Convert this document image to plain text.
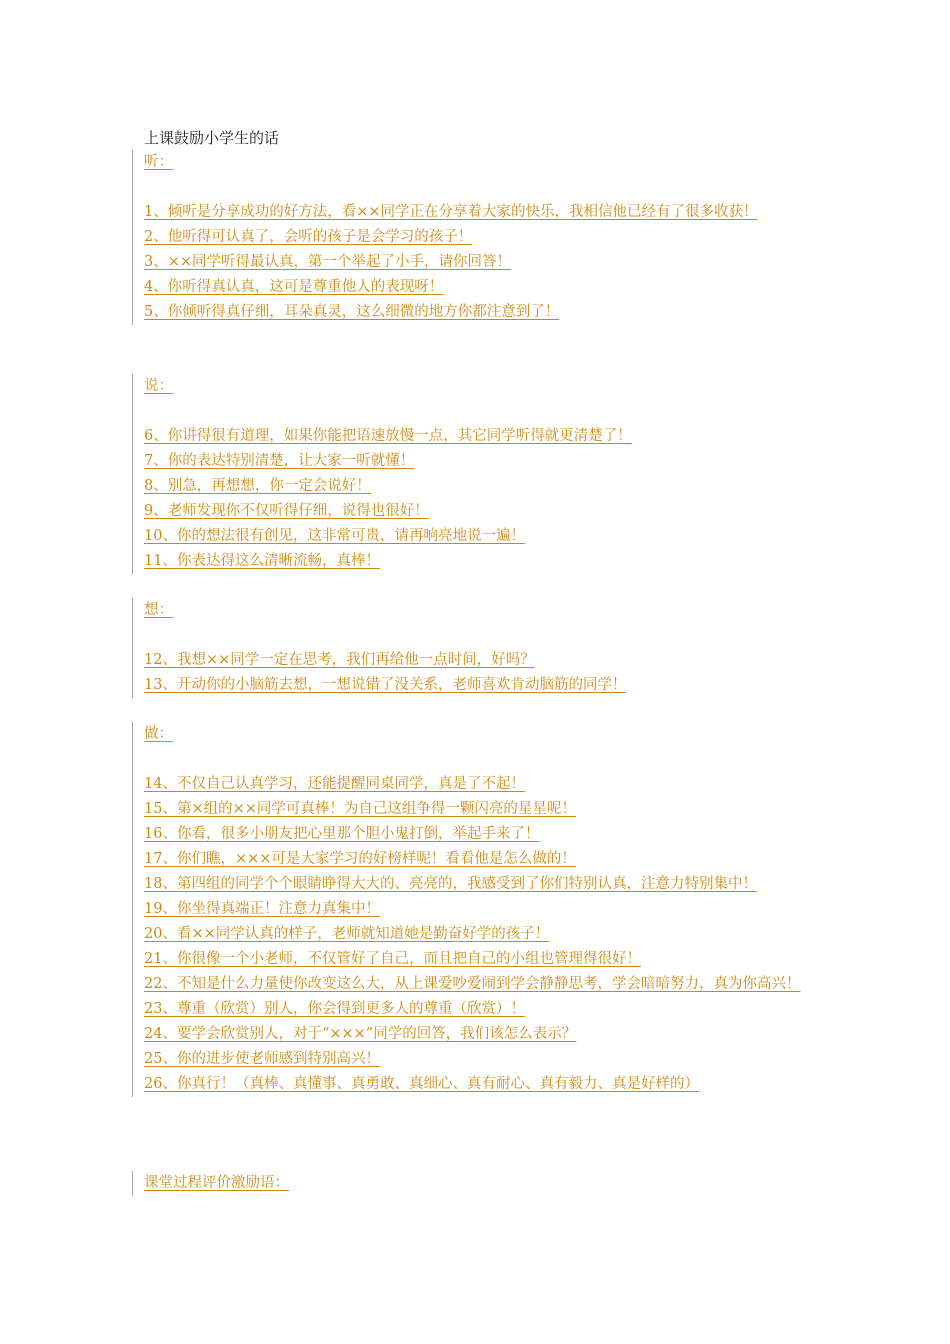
上课鼓励小学生的话
听：
1、倾听是分享成功的好方法，看××同学正在分享着大家的快乐，我相信他已经有了很多收获！
2、他听得可认真了，会听的孩子是会学习的孩子！
3、××同学听得最认真，第一个举起了小手，请你回答！
4、你听得真认真，这可是尊重他人的表现呀！
5、你倾听得真仔细，耳朵真灵，这么细微的地方你都注意到了！
说：
6、你讲得很有道理，如果你能把语速放慢一点，其它同学听得就更清楚了！
7、你的表达特别清楚，让大家一听就懂！
8、别急，再想想，你一定会说好！
9、老师发现你不仅听得仔细，说得也很好！
10、你的想法很有创见，这非常可贵，请再响亮地说一遍！
11、你表达得这么清晰流畅，真棒！
想：
12、我想××同学一定在思考，我们再给他一点时间，好吗？
13、开动你的小脑筋去想，一想说错了没关系，老师喜欢肯动脑筋的同学！
做：
14、不仅自己认真学习，还能提醒同桌同学，真是了不起！
15、第×组的××同学可真棒！为自己这组争得一颗闪亮的星星呢！
16、你看，很多小朋友把心里那个胆小鬼打倒，举起手来了！
17、你们瞧，×××可是大家学习的好榜样呢！看看他是怎么做的！
18、第四组的同学个个眼睛睁得大大的、亮亮的，我感受到了你们特别认真，注意力特别集中！
19、你坐得真端正！注意力真集中！
20、看××同学认真的样子，老师就知道她是勤奋好学的孩子！
21、你很像一个小老师，不仅管好了自己，而且把自己的小组也管理得很好！
22、不知是什么力量使你改变这么大，从上课爱吵爱闹到学会静静思考，学会暗暗努力，真为你高兴！
23、尊重（欣赏）别人，你会得到更多人的尊重（欣赏）！
24、要学会欣赏别人，对于“×××”同学的回答，我们该怎么表示？
25、你的进步使老师感到特别高兴！
26、你真行！（真棒、真懂事、真勇敢、真细心、真有耐心、真有毅力、真是好样的）
课堂过程评价激励语：
